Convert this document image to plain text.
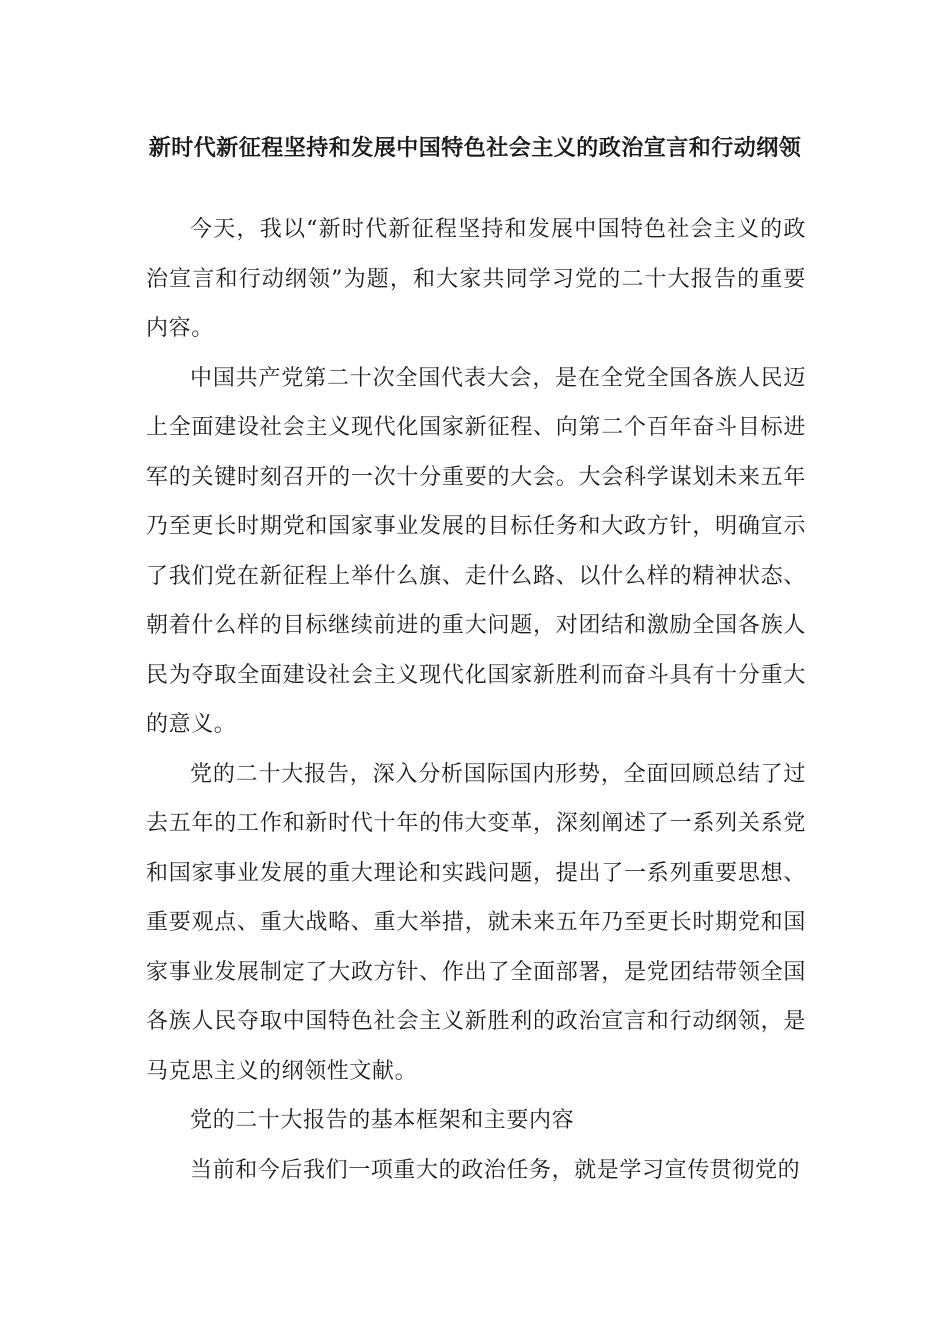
新时代新征程坚持和发展中国特色社会主义的政治宣言和行动纲领

今天，我以“新时代新征程坚持和发展中国特色社会主义的政治宣言和行动纲领”为题，和大家共同学习党的二十大报告的重要内容。

中国共产党第二十次全国代表大会，是在全党全国各族人民迈上全面建设社会主义现代化国家新征程、向第二个百年奋斗目标进军的关键时刻召开的一次十分重要的大会。大会科学谋划未来五年乃至更长时期党和国家事业发展的目标任务和大政方针，明确宣示了我们党在新征程上举什么旗、走什么路、以什么样的精神状态、朝着什么样的目标继续前进的重大问题，对团结和激励全国各族人民为夺取全面建设社会主义现代化国家新胜利而奋斗具有十分重大的意义。

党的二十大报告，深入分析国际国内形势，全面回顾总结了过去五年的工作和新时代十年的伟大变革，深刻阐述了一系列关系党和国家事业发展的重大理论和实践问题，提出了一系列重要思想、重要观点、重大战略、重大举措，就未来五年乃至更长时期党和国家事业发展制定了大政方针、作出了全面部署，是党团结带领全国各族人民夺取中国特色社会主义新胜利的政治宣言和行动纲领，是马克思主义的纲领性文献。

党的二十大报告的基本框架和主要内容

当前和今后我们一项重大的政治任务，就是学习宣传贯彻党的
